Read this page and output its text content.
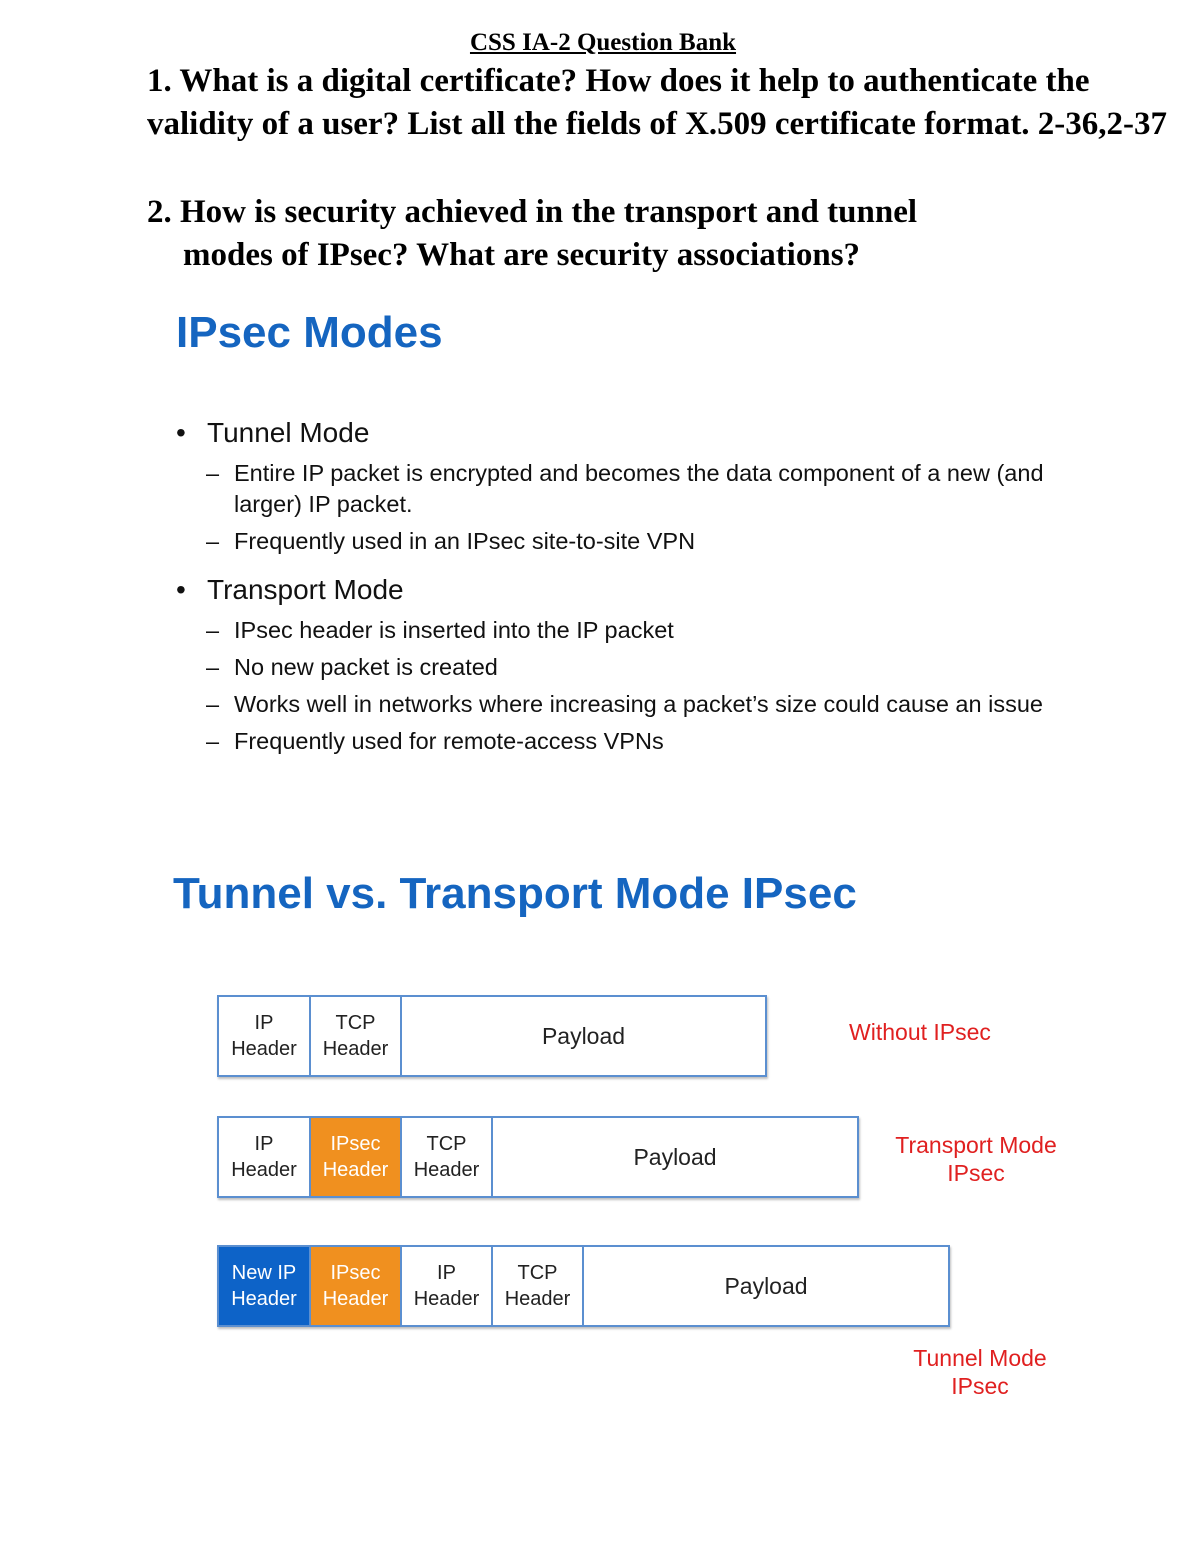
CSS IA-2 Question Bank
1. What is a digital certificate? How does it help to authenticate the validity of a user? List all the fields of X.509 certificate format. 2-36,2-37
2. How is security achieved in the transport and tunnel
modes of IPsec? What are security associations?
IPsec Modes
• Tunnel Mode
– Entire IP packet is encrypted and becomes the data component of a new (and larger) IP packet.
– Frequently used in an IPsec site-to-site VPN
• Transport Mode
– IPsec header is inserted into the IP packet
– No new packet is created
– Works well in networks where increasing a packet’s size could cause an issue
– Frequently used for remote-access VPNs
Tunnel vs. Transport Mode IPsec
IP
Header
TCP
Header	Payload	Without IPsec
IP
Header
IPsec
Header
TCP
Header	Payload	Transport Mode
IPsec
New IP
Header
IPsec
Header
IP
Header
TCP
Header	Payload
Tunnel Mode
IPsec
